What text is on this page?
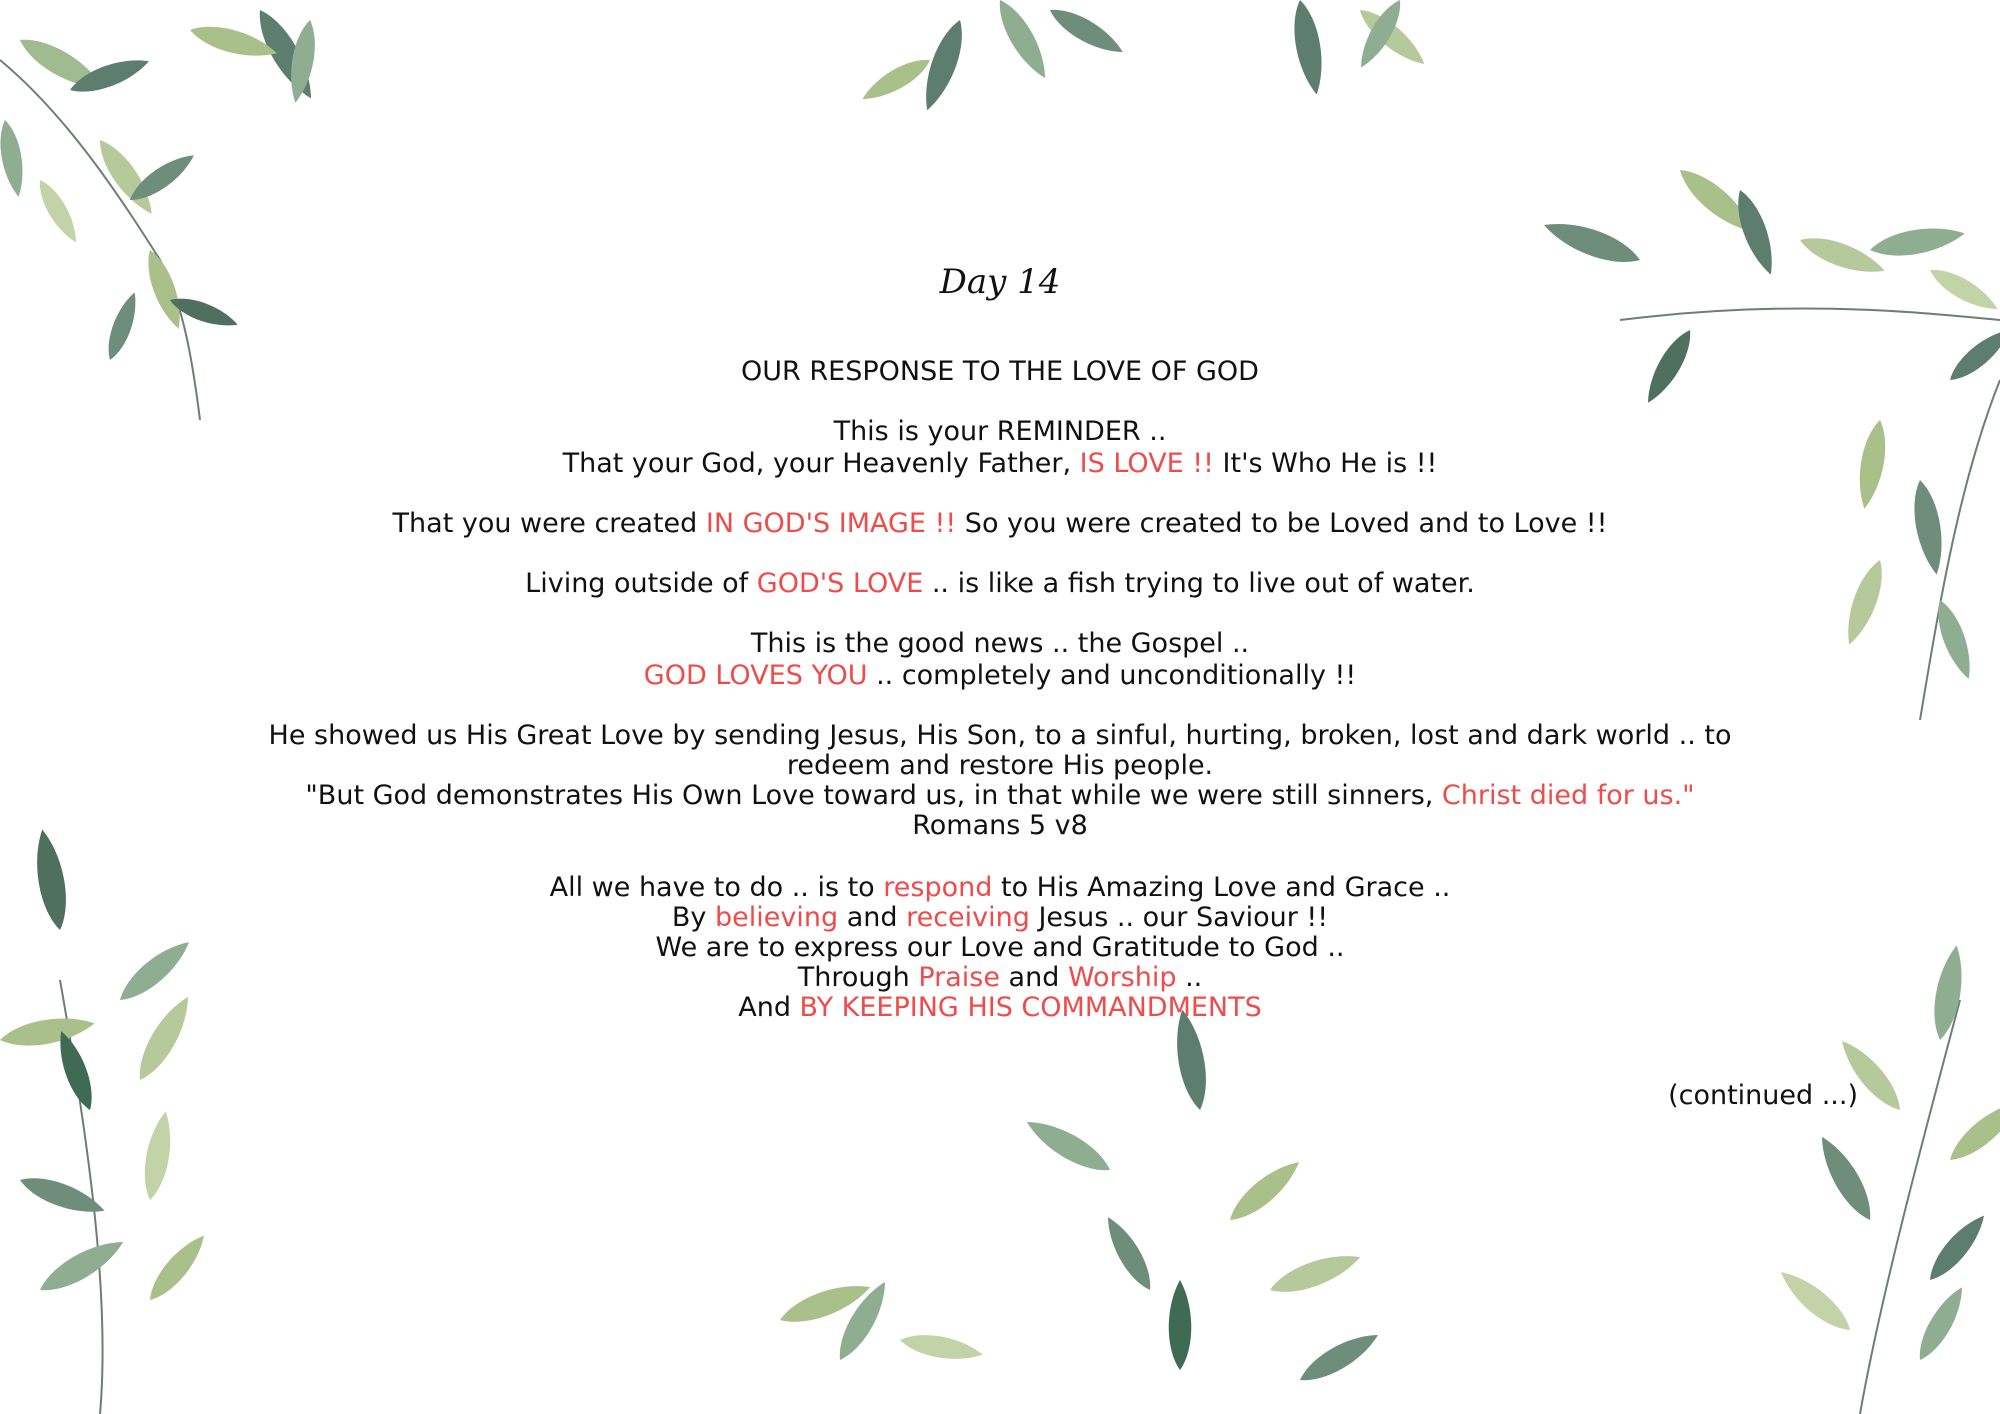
Day 14
OUR RESPONSE TO THE LOVE OF GOD
This is your REMINDER ..
That your God, your Heavenly Father, IS LOVE !! It's Who He is !!
That you were created IN GOD'S IMAGE !! So you were created to be Loved and to Love !!
Living outside of GOD'S LOVE .. is like a fish trying to live out of water.
This is the good news .. the Gospel ..
GOD LOVES YOU .. completely and unconditionally !!
He showed us His Great Love by sending Jesus, His Son, to a sinful, hurting, broken, lost and dark world .. to
redeem and restore His people.
"But God demonstrates His Own Love toward us, in that while we were still sinners, Christ died for us."
Romans 5 v8
All we have to do .. is to respond to His Amazing Love and Grace ..
By believing and receiving Jesus .. our Saviour !!
We are to express our Love and Gratitude to God ..
Through Praise and Worship ..
And BY KEEPING HIS COMMANDMENTS
(continued ...)
